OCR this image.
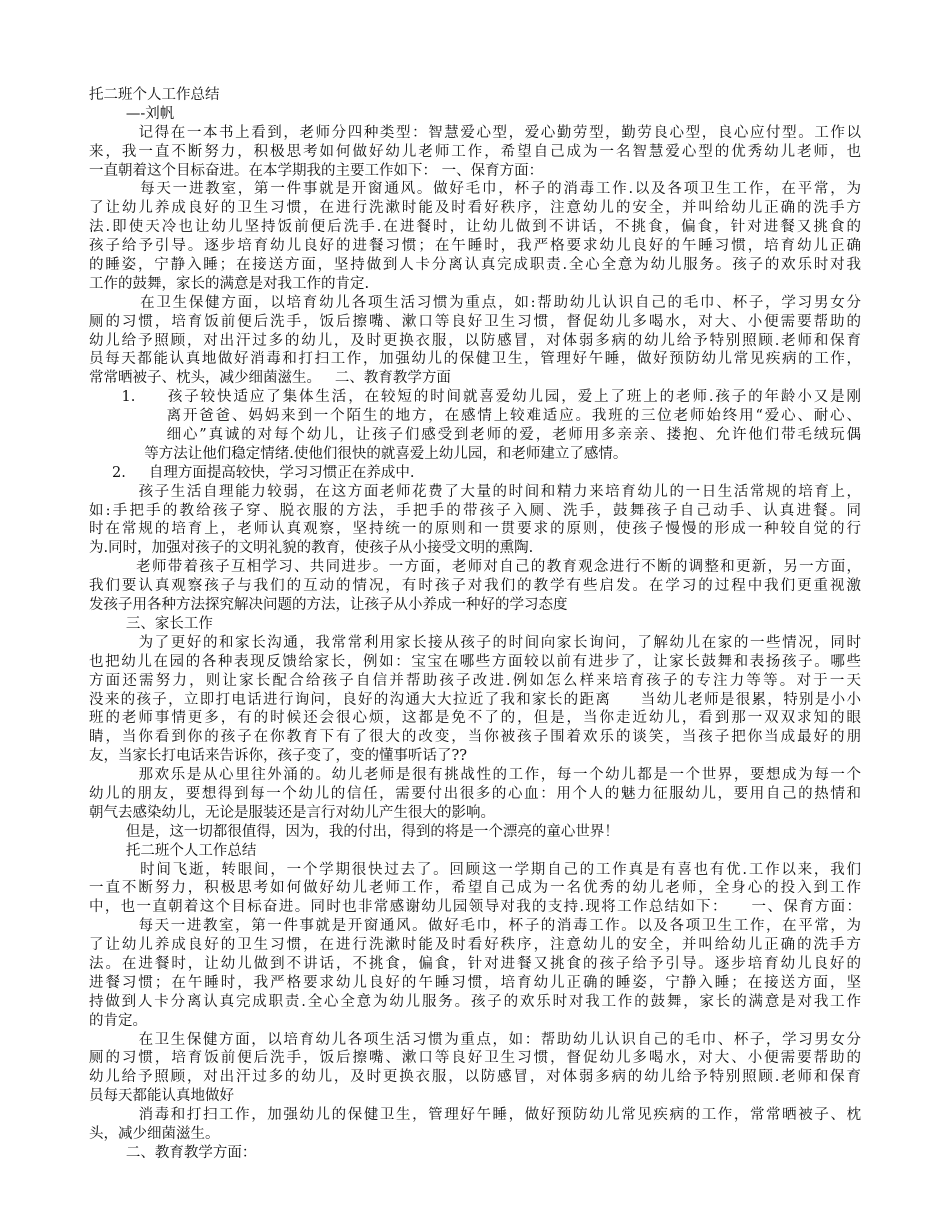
托二班个人工作总结
—-刘帆
记得在一本书上看到，老师分四种类型：智慧爱心型，爱心勤劳型，勤劳良心型，良心应付型。工作以
来，我一直不断努力，积极思考如何做好幼儿老师工作，希望自己成为一名智慧爱心型的优秀幼儿老师，也
一直朝着这个目标奋进。在本学期我的主要工作如下： 一、保育方面：
每天一进教室，第一件事就是开窗通风。做好毛巾，杯子的消毒工作.以及各项卫生工作，在平常，为
了让幼儿养成良好的卫生习惯，在进行洗漱时能及时看好秩序，注意幼儿的安全，并叫给幼儿正确的洗手方
法.即使天冷也让幼儿坚持饭前便后洗手.在进餐时，让幼儿做到不讲话，不挑食，偏食，针对进餐又挑食的
孩子给予引导。逐步培育幼儿良好的进餐习惯；在午睡时，我严格要求幼儿良好的午睡习惯，培育幼儿正确
的睡姿，宁静入睡；在接送方面，坚持做到人卡分离认真完成职责.全心全意为幼儿服务。孩子的欢乐时对我
工作的鼓舞，家长的满意是对我工作的肯定.
在卫生保健方面，以培育幼儿各项生活习惯为重点，如:帮助幼儿认识自己的毛巾、杯子，学习男女分
厕的习惯，培育饭前便后洗手，饭后擦嘴、漱口等良好卫生习惯，督促幼儿多喝水，对大、小便需要帮助的
幼儿给予照顾，对出汗过多的幼儿，及时更换衣服，以防感冒，对体弱多病的幼儿给予特别照顾.老师和保育
员每天都能认真地做好消毒和打扫工作，加强幼儿的保健卫生，管理好午睡，做好预防幼儿常见疾病的工作，
常常晒被子、枕头，减少细菌滋生。   二、教育教学方面
1.     孩子较快适应了集体生活，在较短的时间就喜爱幼儿园，爱上了班上的老师.孩子的年龄小又是刚
离开爸爸、妈妈来到一个陌生的地方，在感情上较难适应。我班的三位老师始终用“爱心、耐心、
细心”真诚的对每个幼儿，让孩子们感受到老师的爱，老师用多亲亲、搂抱、允许他们带毛绒玩偶
等方法让他们稳定情绪.使他们很快的就喜爱上幼儿园，和老师建立了感情。
2.     自理方面提高较快，学习习惯正在养成中.
孩子生活自理能力较弱，在这方面老师花费了大量的时间和精力来培育幼儿的一日生活常规的培育上，
如:手把手的教给孩子穿、脱衣服的方法，手把手的带孩子入厕、洗手，鼓舞孩子自己动手、认真进餐。同
时在常规的培育上，老师认真观察，坚持统一的原则和一贯要求的原则，使孩子慢慢的形成一种较自觉的行
为.同时，加强对孩子的文明礼貌的教育，使孩子从小接受文明的熏陶.
老师带着孩子互相学习、共同进步。一方面，老师对自己的教育观念进行不断的调整和更新，另一方面，
我们要认真观察孩子与我们的互动的情况，有时孩子对我们的教学有些启发。在学习的过程中我们更重视激
发孩子用各种方法探究解决问题的方法，让孩子从小养成一种好的学习态度
三、家长工作
为了更好的和家长沟通，我常常利用家长接从孩子的时间向家长询问，了解幼儿在家的一些情况，同时
也把幼儿在园的各种表现反馈给家长，例如：宝宝在哪些方面较以前有进步了，让家长鼓舞和表扬孩子。哪些
方面还需努力，则让家长配合给孩子自信并帮助孩子改进.例如怎么样来培育孩子的专注力等等。对于一天
没来的孩子，立即打电话进行询问，良好的沟通大大拉近了我和家长的距离     当幼儿老师是很累，特别是小小
班的老师事情更多，有的时候还会很心烦，这都是免不了的，但是，当你走近幼儿，看到那一双双求知的眼
睛，当你看到你的孩子在你教育下有了很大的改变，当你被孩子围着欢乐的谈笑，当孩子把你当成最好的朋
友，当家长打电话来告诉你，孩子变了，变的懂事听话了??
那欢乐是从心里往外涌的。幼儿老师是很有挑战性的工作，每一个幼儿都是一个世界，要想成为每一个
幼儿的朋友，要想得到每一个幼儿的信任，需要付出很多的心血：用个人的魅力征服幼儿，要用自己的热情和
朝气去感染幼儿，无论是服装还是言行对幼儿产生很大的影响。
但是，这一切都很值得，因为，我的付出，得到的将是一个漂亮的童心世界！
托二班个人工作总结
时间飞逝，转眼间，一个学期很快过去了。回顾这一学期自己的工作真是有喜也有优.工作以来，我们
一直不断努力，积极思考如何做好幼儿老师工作，希望自己成为一名优秀的幼儿老师，全身心的投入到工作
中，也一直朝着这个目标奋进。同时也非常感谢幼儿园领导对我的支持.现将工作总结如下：    一、保育方面：
每天一进教室，第一件事就是开窗通风。做好毛巾，杯子的消毒工作。以及各项卫生工作，在平常，为
了让幼儿养成良好的卫生习惯，在进行洗漱时能及时看好秩序，注意幼儿的安全，并叫给幼儿正确的洗手方
法。在进餐时，让幼儿做到不讲话，不挑食，偏食，针对进餐又挑食的孩子给予引导。逐步培育幼儿良好的
进餐习惯；在午睡时，我严格要求幼儿良好的午睡习惯，培育幼儿正确的睡姿，宁静入睡；在接送方面，坚
持做到人卡分离认真完成职责.全心全意为幼儿服务。孩子的欢乐时对我工作的鼓舞，家长的满意是对我工作
的肯定。
在卫生保健方面，以培育幼儿各项生活习惯为重点，如：帮助幼儿认识自己的毛巾、杯子，学习男女分
厕的习惯，培育饭前便后洗手，饭后擦嘴、漱口等良好卫生习惯，督促幼儿多喝水，对大、小便需要帮助的
幼儿给予照顾，对出汗过多的幼儿，及时更换衣服，以防感冒，对体弱多病的幼儿给予特别照顾.老师和保育
员每天都能认真地做好
消毒和打扫工作，加强幼儿的保健卫生，管理好午睡，做好预防幼儿常见疾病的工作，常常晒被子、枕
头，减少细菌滋生。
二、教育教学方面：
